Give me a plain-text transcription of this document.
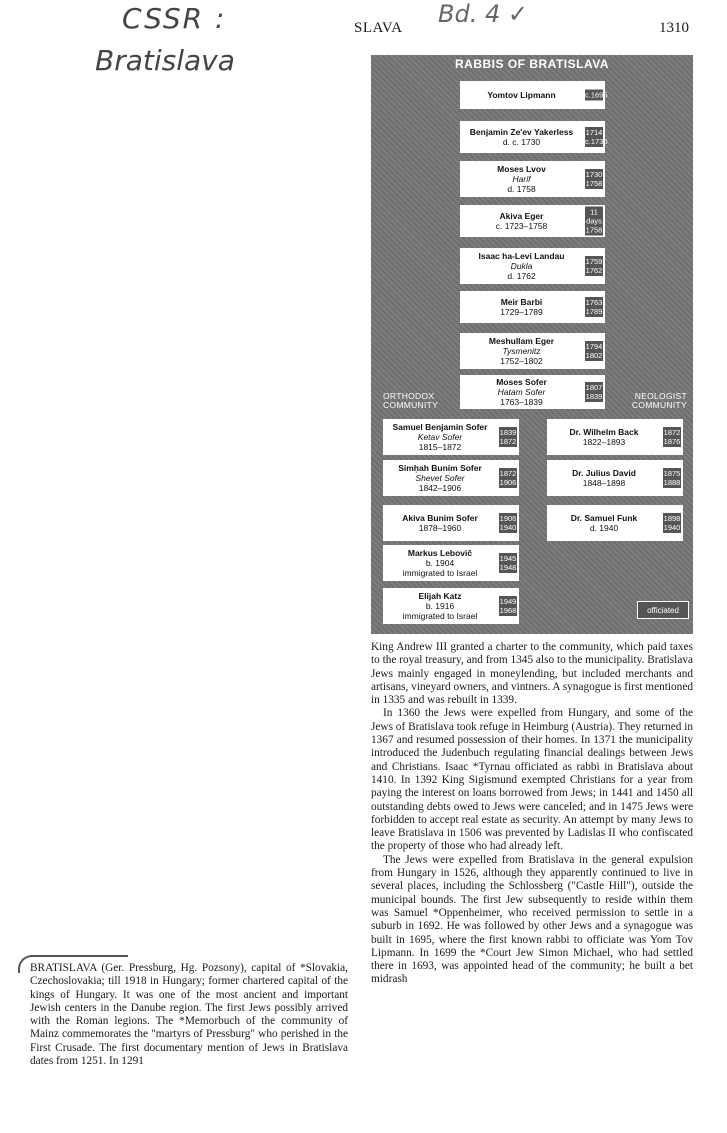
CSSR :
Bratislava
Bd. 4 ✓
SLAVA	1310
RABBIS OF BRATISLAVA
ORTHODOX
COMMUNITY
NEOLOGIST
COMMUNITY
officiated
Yomtov Lipmann	c.1695
Benjamin Ze'ev Yakerless
d. c. 1730
1714
c.1730
Moses Lvov
Harif
d. 1758
1730
1758
Akiva Eger
c. 1723–1758
11
days
1758
Isaac ha-Levi Landau
Dukla
d. 1762
1759
1762
Meir Barbi
1729–1789
1763
1789
Meshullam Eger
Tysmenitz
1752–1802
1794
1802
Moses Sofer
Hatam Sofer
1763–1839
1807
1839
Samuel Benjamin Sofer
Ketav Sofer
1815–1872
1839
1872
Simḥah Bunim Sofer
Shevet Sofer
1842–1906
1872
1906
Akiva Bunim Sofer
1878–1960
1906
1940
Markus Lebovič
b. 1904
immigrated to Israel
1945
1948
Elijah Katz
b. 1916
immigrated to Israel
1949
1968
Dr. Wilhelm Back
1822–1893
1872
1876
Dr. Julius David
1848–1898
1875
1888
Dr. Samuel Funk
d. 1940
1898
1940

BRATISLAVA (Ger. Pressburg, Hg. Pozsony), capital of *Slovakia, Czechoslovakia; till 1918 in Hungary; former chartered capital of the kings of Hungary. It was one of the most ancient and important Jewish centers in the Danube region. The first Jews possibly arrived with the Roman legions. The *Memorbuch of the community of Mainz commemorates the "martyrs of Pressburg" who perished in the First Crusade. The first documentary mention of Jews in Bratislava dates from 1251. In 1291

King Andrew III granted a charter to the community, which paid taxes to the royal treasury, and from 1345 also to the municipality. Bratislava Jews mainly engaged in moneylending, but included merchants and artisans, vineyard owners, and vintners. A synagogue is first mentioned in 1335 and was rebuilt in 1339.

In 1360 the Jews were expelled from Hungary, and some of the Jews of Bratislava took refuge in Heimburg (Austria). They returned in 1367 and resumed possession of their homes. In 1371 the municipality introduced the Judenbuch regulating financial dealings between Jews and Christians. Isaac *Tyrnau officiated as rabbi in Bratislava about 1410. In 1392 King Sigismund exempted Christians for a year from paying the interest on loans borrowed from Jews; in 1441 and 1450 all outstanding debts owed to Jews were canceled; and in 1475 Jews were forbidden to accept real estate as security. An attempt by many Jews to leave Bratislava in 1506 was prevented by Ladislas II who confiscated the property of those who had already left.

The Jews were expelled from Bratislava in the general expulsion from Hungary in 1526, although they apparently continued to live in several places, including the Schlossberg ("Castle Hill"), outside the municipal bounds. The first Jew subsequently to reside within them was Samuel *Oppenheimer, who received permission to settle in a suburb in 1692. He was followed by other Jews and a synagogue was built in 1695, where the first known rabbi to officiate was Yom Tov Lipmann. In 1699 the *Court Jew Simon Michael, who had settled there in 1693, was appointed head of the community; he built a bet midrash
